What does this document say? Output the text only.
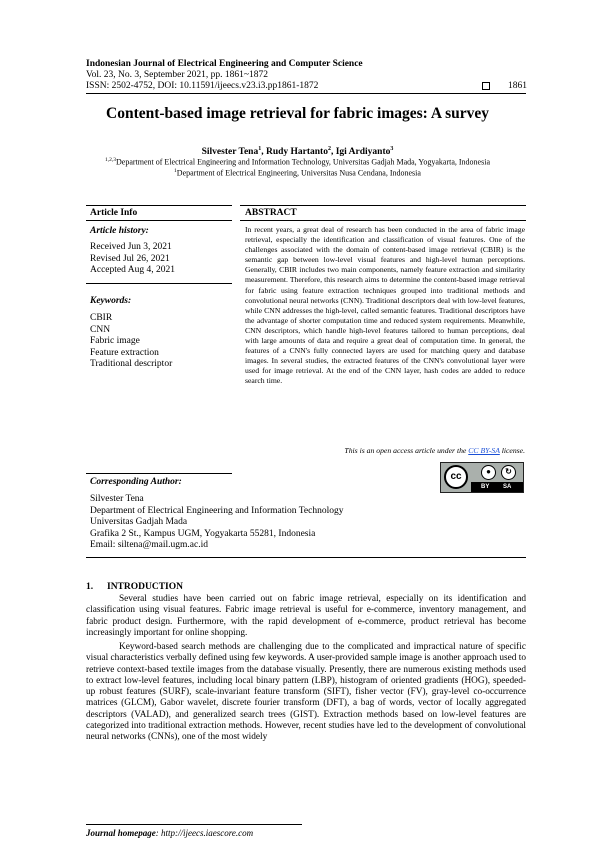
Indonesian Journal of Electrical Engineering and Computer Science
Vol. 23, No. 3, September 2021, pp. 1861~1872
ISSN: 2502-4752, DOI: 10.11591/ijeecs.v23.i3.pp1861-1872	1861
Content-based image retrieval for fabric images: A survey
Silvester Tena$^1$, Rudy Hartanto$^2$, Igi Ardiyanto$^3$
$^{1,2,3}$Department of Electrical Engineering and Information Technology, Universitas Gadjah Mada, Yogyakarta, Indonesia
$^1$Department of Electrical Engineering, Universitas Nusa Cendana, Indonesia
Article Info	ABSTRACT
Article history:
Received Jun 3, 2021
Revised Jul 26, 2021
Accepted Aug 4, 2021
Keywords:
CBIR
CNN
Fabric image
Feature extraction
Traditional descriptor
In recent years, a great deal of research has been conducted in the area of fabric image retrieval, especially the identification and classification of visual features. One of the challenges associated with the domain of content-based image retrieval (CBIR) is the semantic gap between low-level visual features and high-level human perceptions. Generally, CBIR includes two main components, namely feature extraction and similarity measurement. Therefore, this research aims to determine the content-based image retrieval for fabric using feature extraction techniques grouped into traditional methods and convolutional neural networks (CNN). Traditional descriptors deal with low-level features, while CNN addresses the high-level, called semantic features. Traditional descriptors have the advantage of shorter computation time and reduced system requirements. Meanwhile, CNN descriptors, which handle high-level features tailored to human perceptions, deal with large amounts of data and require a great deal of computation time. In general, the features of a CNN's fully connected layers are used for matching query and database images. In several studies, the extracted features of the CNN's convolutional layer were used for image retrieval. At the end of the CNN layer, hash codes are added to reduce search time.
This is an open access article under the CC BY-SA license.
cc	●	↻
BY SA
Corresponding Author:
Silvester Tena
Department of Electrical Engineering and Information Technology
Universitas Gadjah Mada
Grafika 2 St., Kampus UGM, Yogyakarta 55281, Indonesia
Email: siltena@mail.ugm.ac.id
1. INTRODUCTION
Several studies have been carried out on fabric image retrieval, especially on its identification and classification using visual features. Fabric image retrieval is useful for e-commerce, inventory management, and fabric product design. Furthermore, with the rapid development of e-commerce, product retrieval has become increasingly important for online shopping.
Keyword-based search methods are challenging due to the complicated and impractical nature of specific visual characteristics verbally defined using few keywords. A user-provided sample image is another approach used to retrieve context-based textile images from the database visually. Presently, there are numerous existing methods used to extract low-level features, including local binary pattern (LBP), histogram of oriented gradients (HOG), speeded-up robust features (SURF), scale-invariant feature transform (SIFT), fisher vector (FV), gray-level co-occurrence matrices (GLCM), Gabor wavelet, discrete fourier transform (DFT), a bag of words, vector of locally aggregated descriptors (VALAD), and generalized search trees (GIST). Extraction methods based on low-level features are categorized into traditional extraction methods. However, recent studies have led to the development of convolutional neural networks (CNNs), one of the most widely
Journal homepage: http://ijeecs.iaescore.com
